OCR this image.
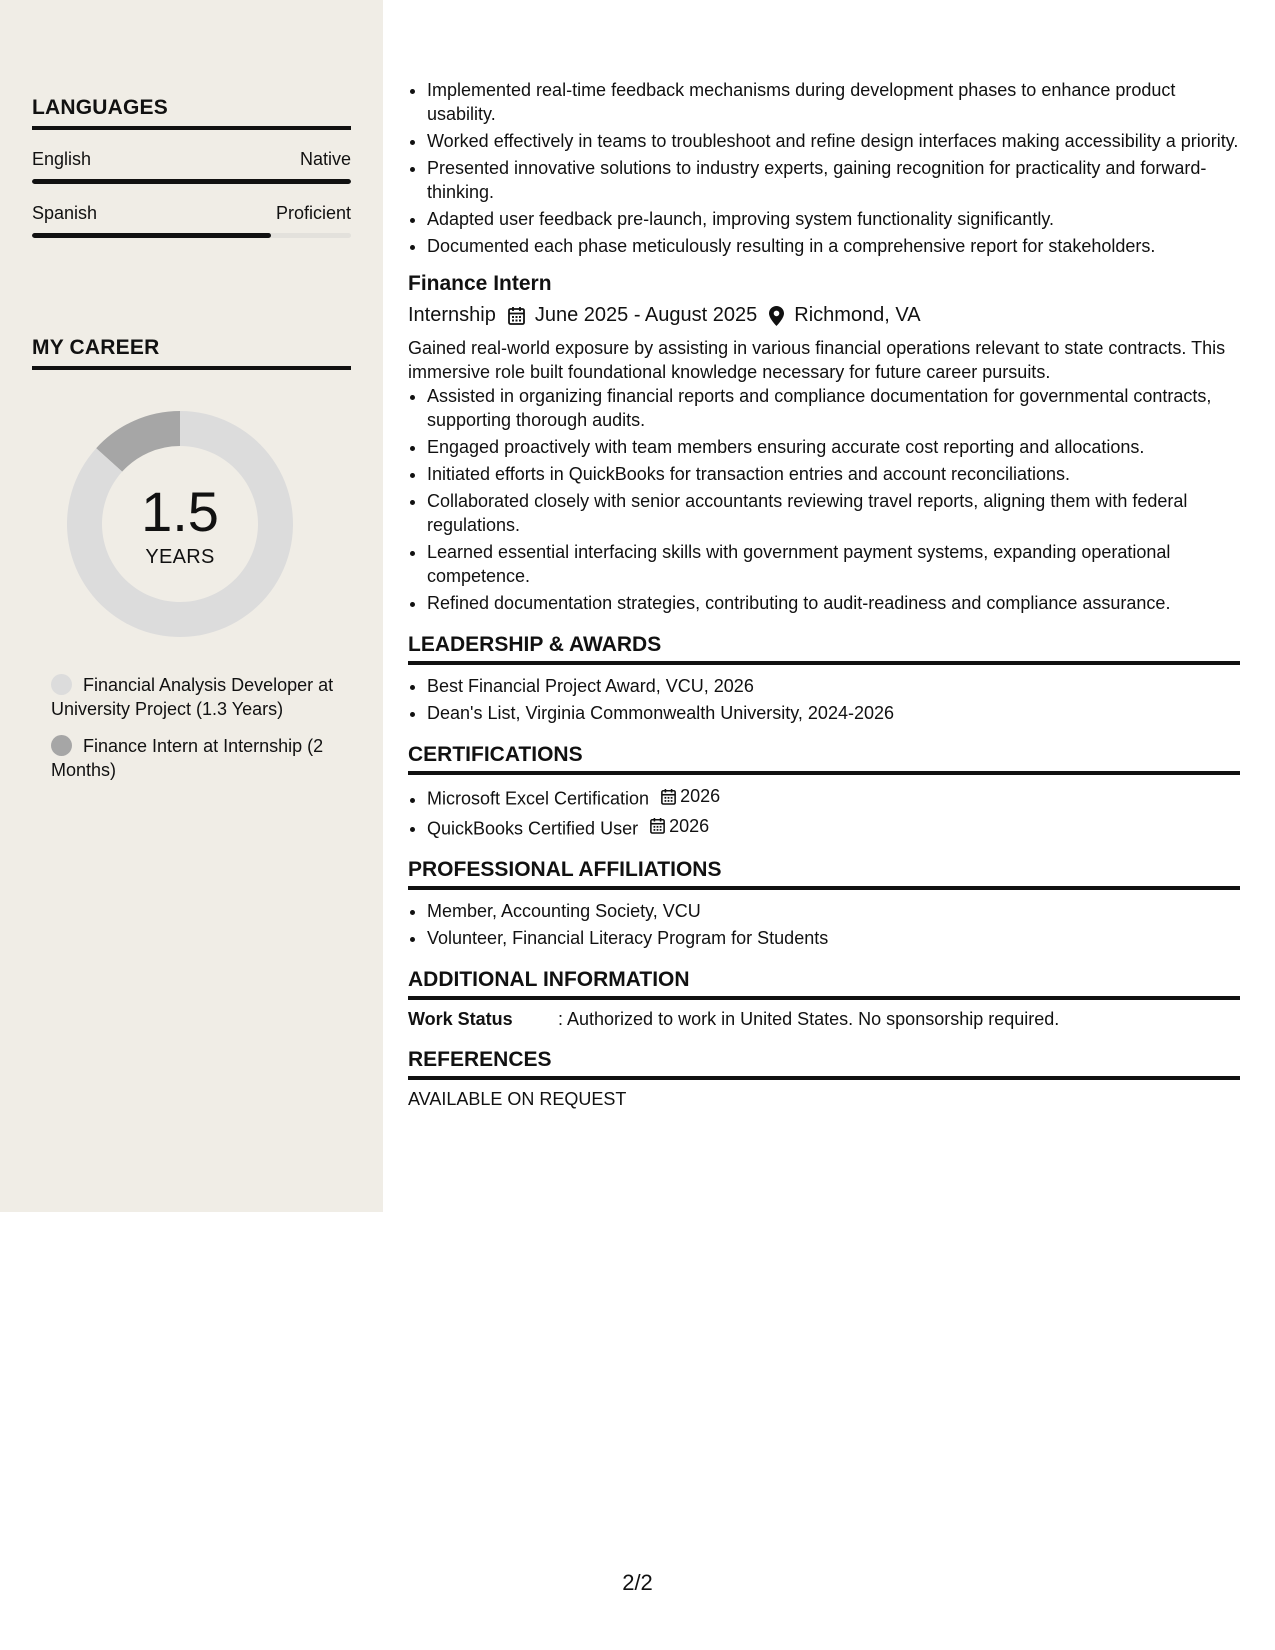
LANGUAGES
English	Native
Spanish	Proficient
MY CAREER
1.5
YEARS
Financial Analysis Developer at University Project (1.3 Years)
Finance Intern at Internship (2 Months)
• Implemented real-time feedback mechanisms during development phases to enhance product usability.
• Worked effectively in teams to troubleshoot and refine design interfaces making accessibility a priority.
• Presented innovative solutions to industry experts, gaining recognition for practicality and forward-thinking.
• Adapted user feedback pre-launch, improving system functionality significantly.
• Documented each phase meticulously resulting in a comprehensive report for stakeholders.
Finance Intern
Internship June 2025 - August 2025 Richmond, VA

Gained real-world exposure by assisting in various financial operations relevant to state contracts. This immersive role built foundational knowledge necessary for future career pursuits.

• Assisted in organizing financial reports and compliance documentation for governmental contracts, supporting thorough audits.
• Engaged proactively with team members ensuring accurate cost reporting and allocations.
• Initiated efforts in QuickBooks for transaction entries and account reconciliations.
• Collaborated closely with senior accountants reviewing travel reports, aligning them with federal regulations.
• Learned essential interfacing skills with government payment systems, expanding operational competence.
• Refined documentation strategies, contributing to audit-readiness and compliance assurance.
LEADERSHIP & AWARDS
• Best Financial Project Award, VCU, 2026
• Dean's List, Virginia Commonwealth University, 2024-2026
CERTIFICATIONS
• Microsoft Excel Certification 2026
• QuickBooks Certified User 2026
PROFESSIONAL AFFILIATIONS
• Member, Accounting Society, VCU
• Volunteer, Financial Literacy Program for Students
ADDITIONAL INFORMATION
Work Status	: Authorized to work in United States. No sponsorship required.
REFERENCES
AVAILABLE ON REQUEST
2/2
